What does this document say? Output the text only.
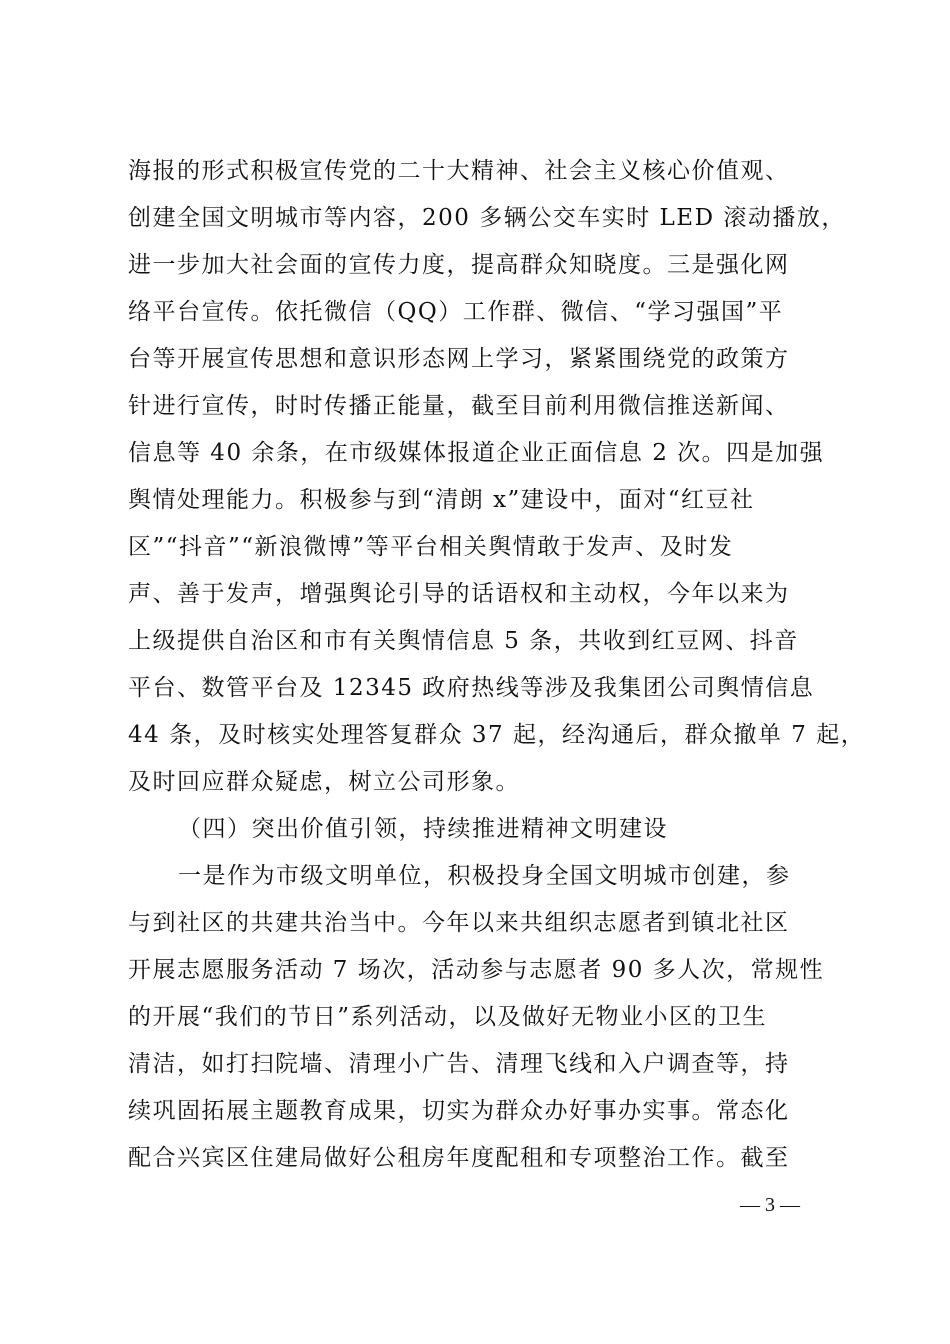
海报的形式积极宣传党的二十大精神、社会主义核心价值观、
创建全国文明城市等内容，200 多辆公交车实时 LED 滚动播放，
进一步加大社会面的宣传力度，提高群众知晓度。三是强化网
络平台宣传。依托微信（QQ）工作群、微信、“学习强国”平
台等开展宣传思想和意识形态网上学习，紧紧围绕党的政策方
针进行宣传，时时传播正能量，截至目前利用微信推送新闻、
信息等 40 余条，在市级媒体报道企业正面信息 2 次。四是加强
舆情处理能力。积极参与到“清朗 x”建设中，面对“红豆社
区”“抖音”“新浪微博”等平台相关舆情敢于发声、及时发
声、善于发声，增强舆论引导的话语权和主动权，今年以来为
上级提供自治区和市有关舆情信息 5 条，共收到红豆网、抖音
平台、数管平台及 12345 政府热线等涉及我集团公司舆情信息
44 条，及时核实处理答复群众 37 起，经沟通后，群众撤单 7 起，
及时回应群众疑虑，树立公司形象。
（四）突出价值引领，持续推进精神文明建设
一是作为市级文明单位，积极投身全国文明城市创建，参
与到社区的共建共治当中。今年以来共组织志愿者到镇北社区
开展志愿服务活动 7 场次，活动参与志愿者 90 多人次，常规性
的开展“我们的节日”系列活动，以及做好无物业小区的卫生
清洁，如打扫院墙、清理小广告、清理飞线和入户调查等，持
续巩固拓展主题教育成果，切实为群众办好事办实事。常态化
配合兴宾区住建局做好公租房年度配租和专项整治工作。截至
— 3 —
